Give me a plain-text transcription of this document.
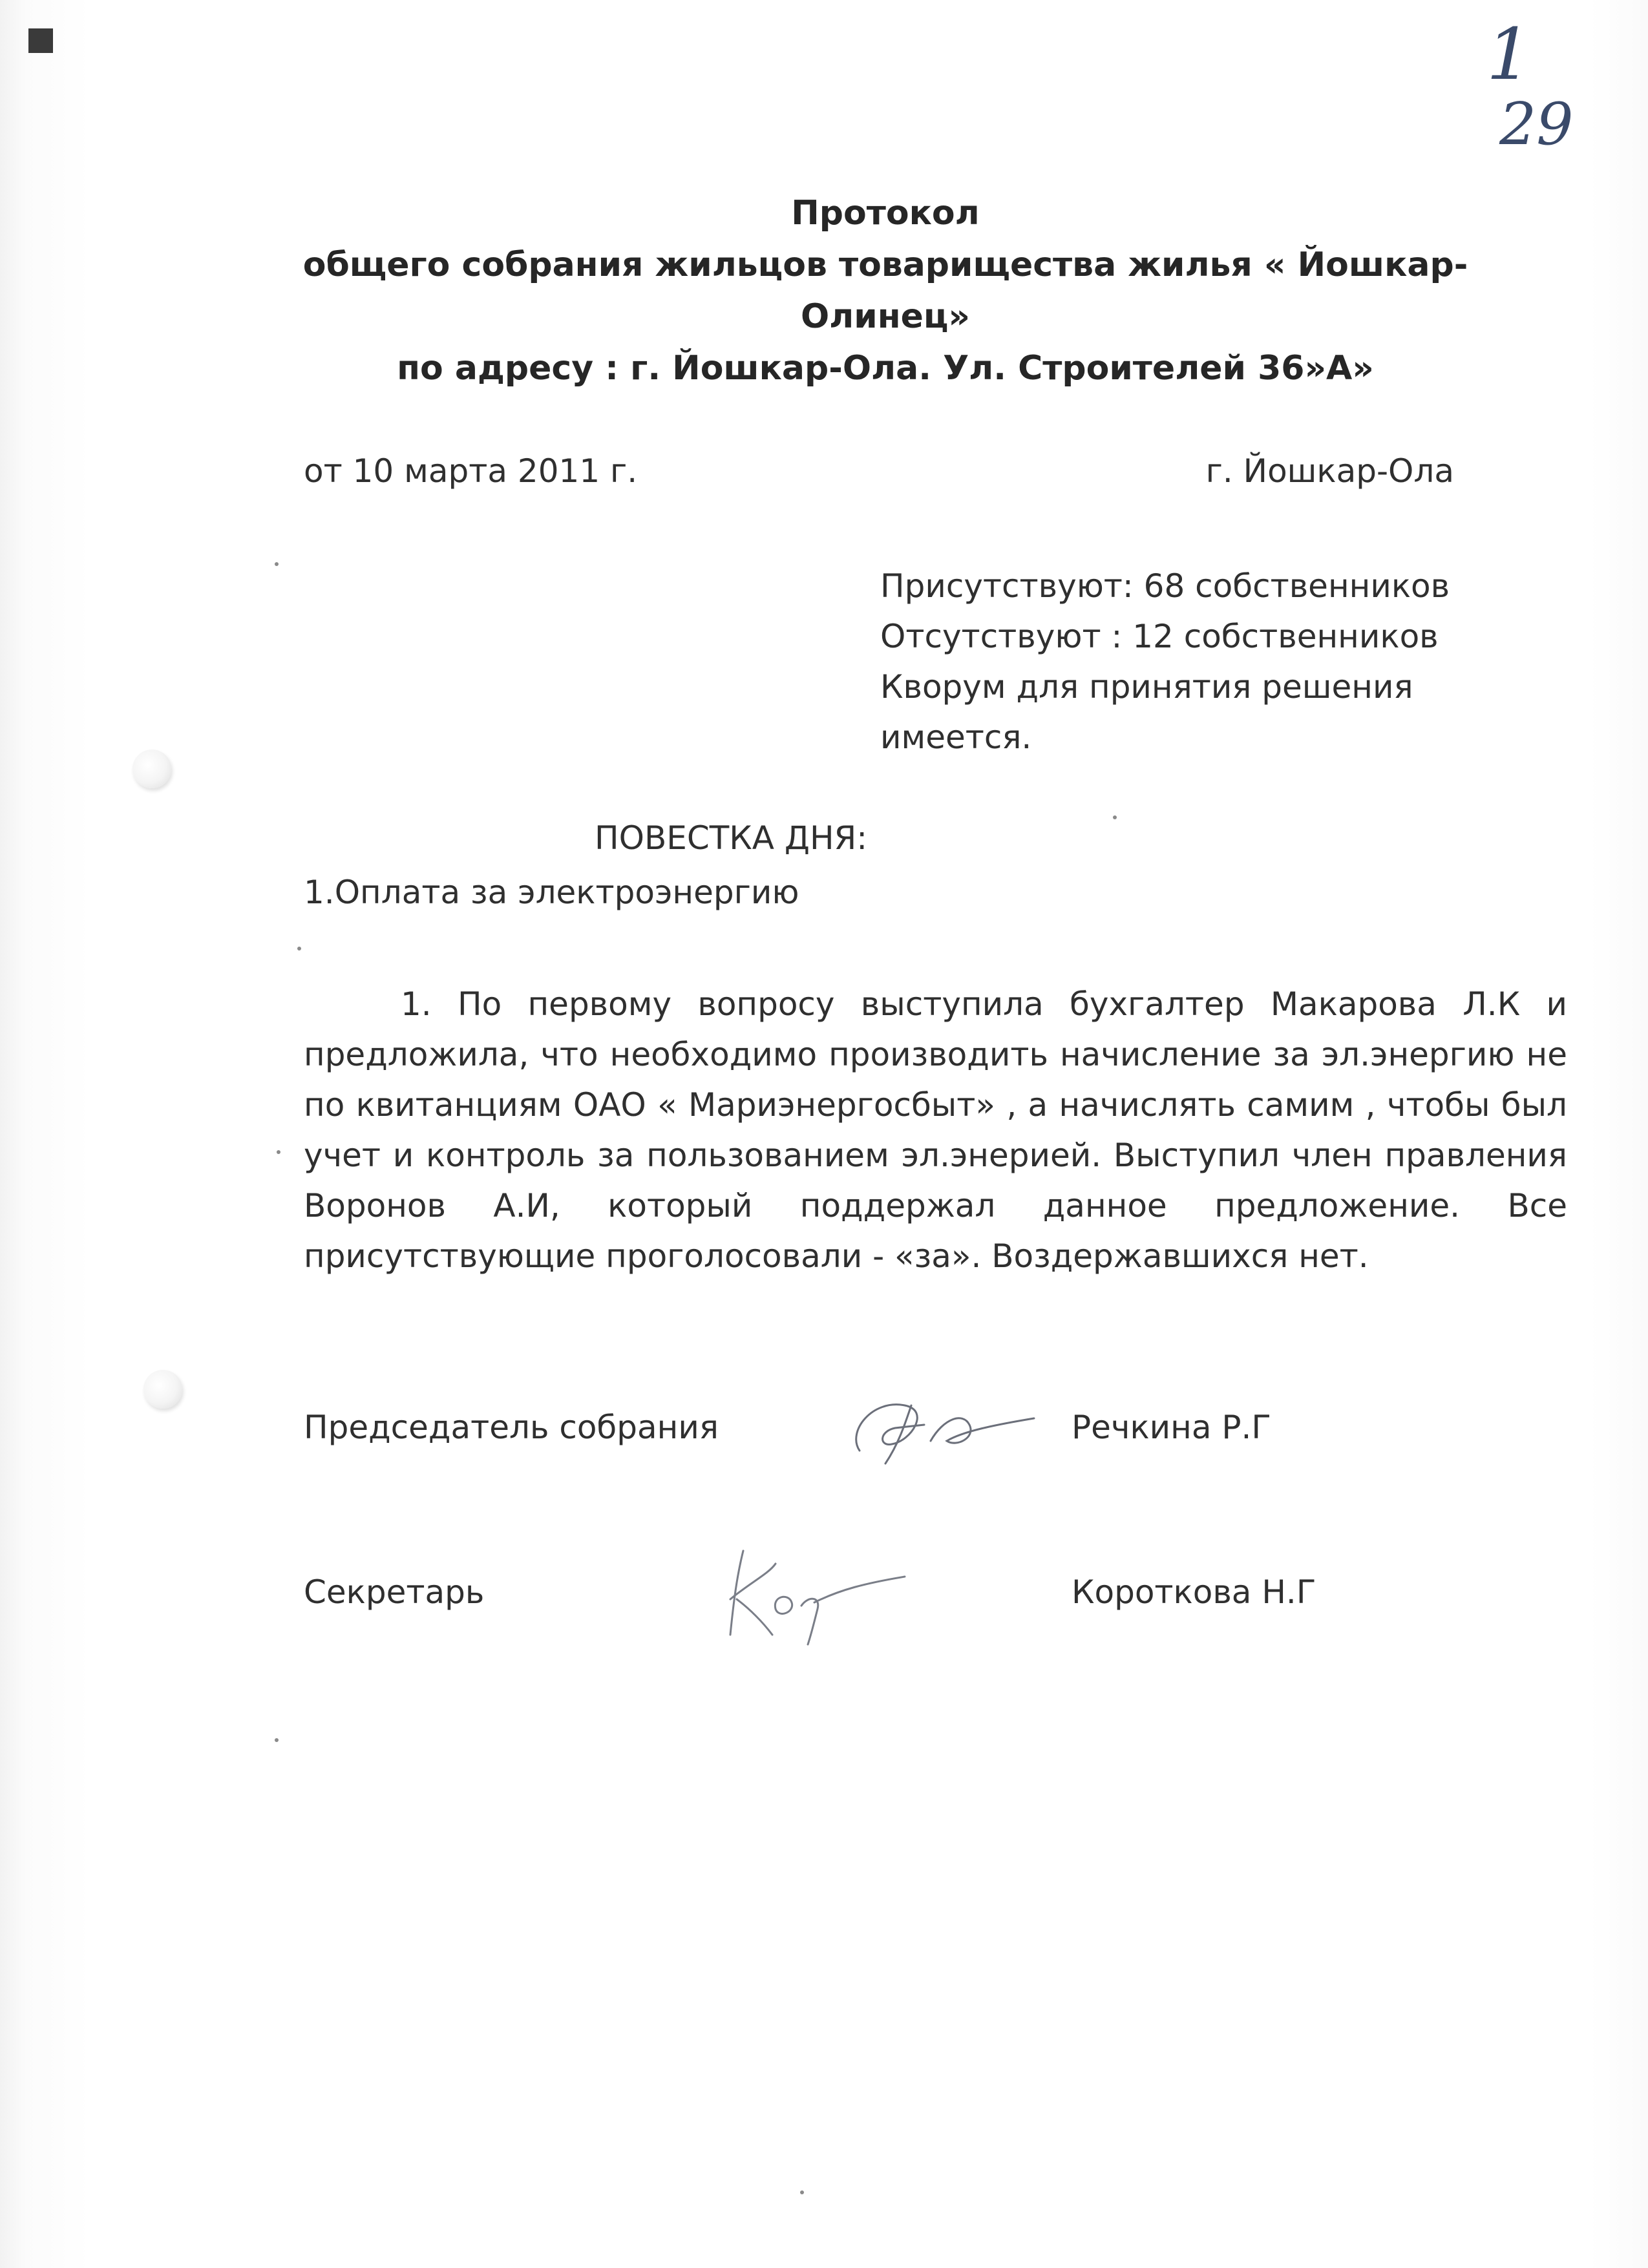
1
29
Протокол
общего собрания жильцов товарищества жилья « Йошкар-
Олинец»
по адресу : г. Йошкар-Ола. Ул. Строителей 36»А»
от 10 марта 2011 г.	г. Йошкар-Ола
Присутствуют: 68 собственников
Отсутствуют : 12 собственников
Кворум для принятия решения
имеется.
ПОВЕСТКА ДНЯ:
1.Оплата за электроэнергию
1. По первому вопросу выступила бухгалтер Макарова Л.К и предложила, что необходимо производить начисление за эл.энергию не по квитанциям ОАО « Мариэнергосбыт» , а начислять самим , чтобы был учет и контроль за пользованием эл.энерией. Выступил член правления Воронов А.И, который поддержал данное предложение. Все присутствующие проголосовали - «за». Воздержавшихся нет.
Председатель собрания	Речкина Р.Г
Секретарь	Короткова Н.Г
